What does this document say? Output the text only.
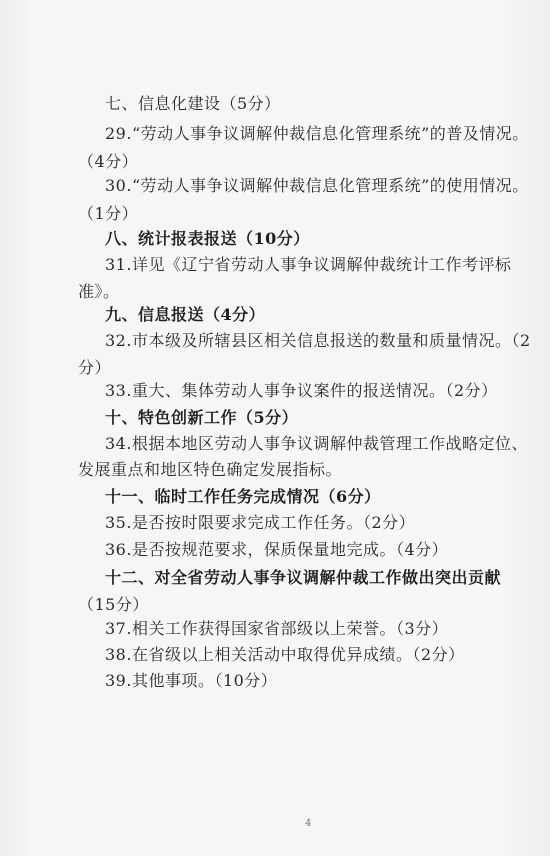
七、信息化建设（5分）
29.“劳动人事争议调解仲裁信息化管理系统”的普及情况。
（4分）
30.“劳动人事争议调解仲裁信息化管理系统”的使用情况。
（1分）
八、统计报表报送（10分）
31.详见《辽宁省劳动人事争议调解仲裁统计工作考评标
准》。
九、信息报送（4分）
32.市本级及所辖县区相关信息报送的数量和质量情况。（2
分）
33.重大、集体劳动人事争议案件的报送情况。（2分）
十、特色创新工作（5分）
34.根据本地区劳动人事争议调解仲裁管理工作战略定位、
发展重点和地区特色确定发展指标。
十一、临时工作任务完成情况（6分）
35.是否按时限要求完成工作任务。（2分）
36.是否按规范要求，保质保量地完成。（4分）
十二、对全省劳动人事争议调解仲裁工作做出突出贡献
（15分）
37.相关工作获得国家省部级以上荣誉。（3分）
38.在省级以上相关活动中取得优异成绩。（2分）
39.其他事项。（10分）
4
